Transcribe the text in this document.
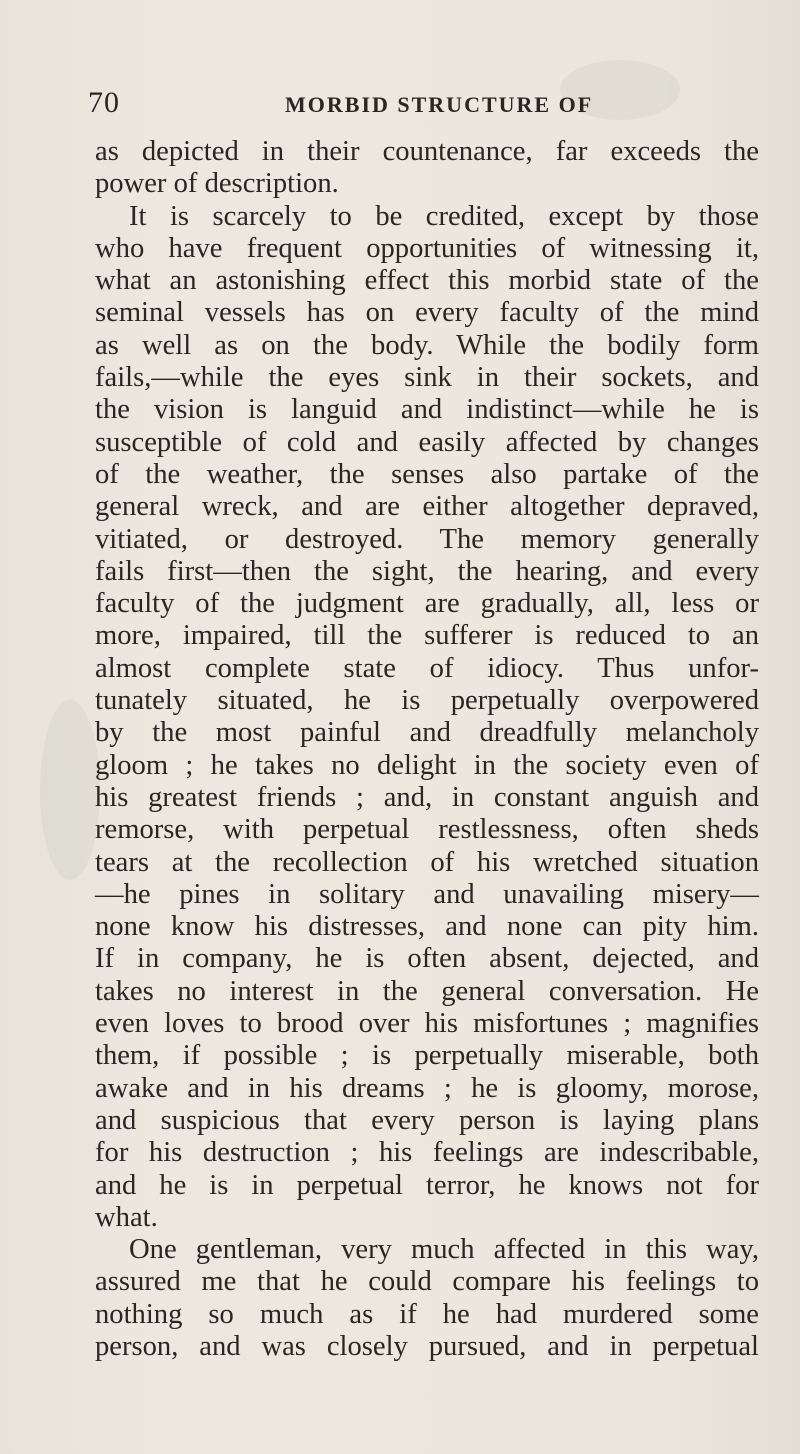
70	MORBID STRUCTURE OF
as depicted in their countenance, far exceeds the
power of description.
It is scarcely to be credited, except by those
who have frequent opportunities of witnessing it,
what an astonishing effect this morbid state of the
seminal vessels has on every faculty of the mind
as well as on the body. While the bodily form
fails,—while the eyes sink in their sockets, and
the vision is languid and indistinct—while he is
susceptible of cold and easily affected by changes
of the weather, the senses also partake of the
general wreck, and are either altogether depraved,
vitiated, or destroyed. The memory generally
fails first—then the sight, the hearing, and every
faculty of the judgment are gradually, all, less or
more, impaired, till the sufferer is reduced to an
almost complete state of idiocy. Thus unfor-
tunately situated, he is perpetually overpowered
by the most painful and dreadfully melancholy
gloom ; he takes no delight in the society even of
his greatest friends ; and, in constant anguish and
remorse, with perpetual restlessness, often sheds
tears at the recollection of his wretched situation
—he pines in solitary and unavailing misery—
none know his distresses, and none can pity him.
If in company, he is often absent, dejected, and
takes no interest in the general conversation. He
even loves to brood over his misfortunes ; magnifies
them, if possible ; is perpetually miserable, both
awake and in his dreams ; he is gloomy, morose,
and suspicious that every person is laying plans
for his destruction ; his feelings are indescribable,
and he is in perpetual terror, he knows not for
what.
One gentleman, very much affected in this way,
assured me that he could compare his feelings to
nothing so much as if he had murdered some
person, and was closely pursued, and in perpetual
